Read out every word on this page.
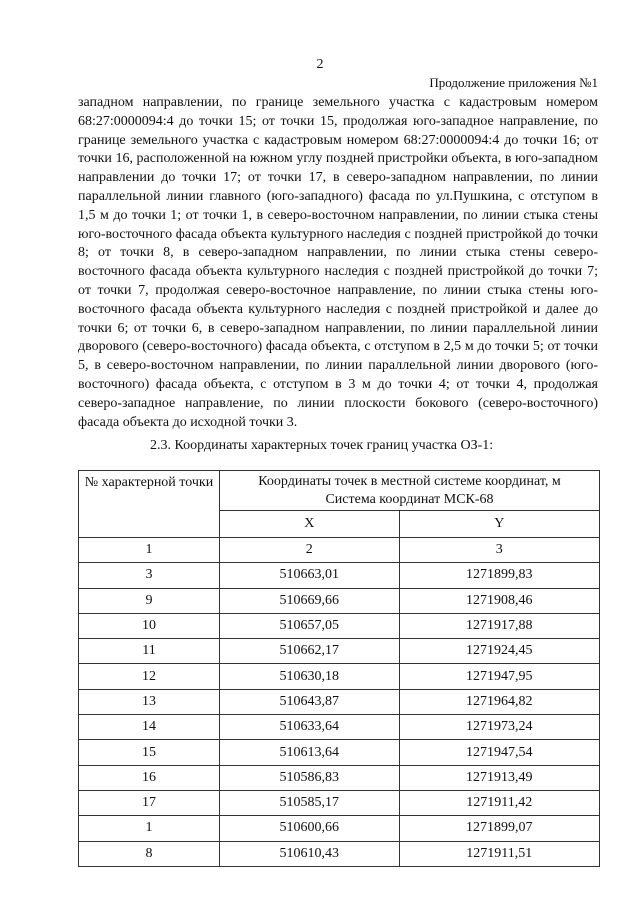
2
Продолжение приложения №1

западном направлении, по границе земельного участка с кадастровым номером 68:27:0000094:4 до точки 15; от точки 15, продолжая юго-западное направление, по границе земельного участка с кадастровым номером 68:27:0000094:4 до точки 16; от точки 16, расположенной на южном углу поздней пристройки объекта, в юго-западном направлении до точки 17; от точки 17, в северо-западном направлении, по линии параллельной линии главного (юго-западного) фасада по ул.Пушкина, с отступом в 1,5 м до точки 1; от точки 1, в северо-восточном направлении, по линии стыка стены юго-восточного фасада объекта культурного наследия с поздней пристройкой до точки 8; от точки 8, в северо-западном направлении, по линии стыка стены северо-восточного фасада объекта культурного наследия с поздней пристройкой до точки 7; от точки 7, продолжая северо-восточное направление, по линии стыка стены юго-восточного фасада объекта культурного наследия с поздней пристройкой и далее до точки 6; от точки 6, в северо-западном направлении, по линии параллельной линии дворового (северо-восточного) фасада объекта, с отступом в 2,5 м до точки 5; от точки 5, в северо-восточном направлении, по линии параллельной линии дворового (юго-восточного) фасада объекта, с отступом в 3 м до точки 4; от точки 4, продолжая северо-западное направление, по линии плоскости бокового (северо-восточного) фасада объекта до исходной точки 3.

2.3. Координаты характерных точек границ участка ОЗ-1:
№ характерной точки	Координаты точек в местной системе координат, м
Система координат МСК-68	
	X	Y
1	2	3
3	510663,01	1271899,83
9	510669,66	1271908,46
10	510657,05	1271917,88
11	510662,17	1271924,45
12	510630,18	1271947,95
13	510643,87	1271964,82
14	510633,64	1271973,24
15	510613,64	1271947,54
16	510586,83	1271913,49
17	510585,17	1271911,42
1	510600,66	1271899,07
8	510610,43	1271911,51
